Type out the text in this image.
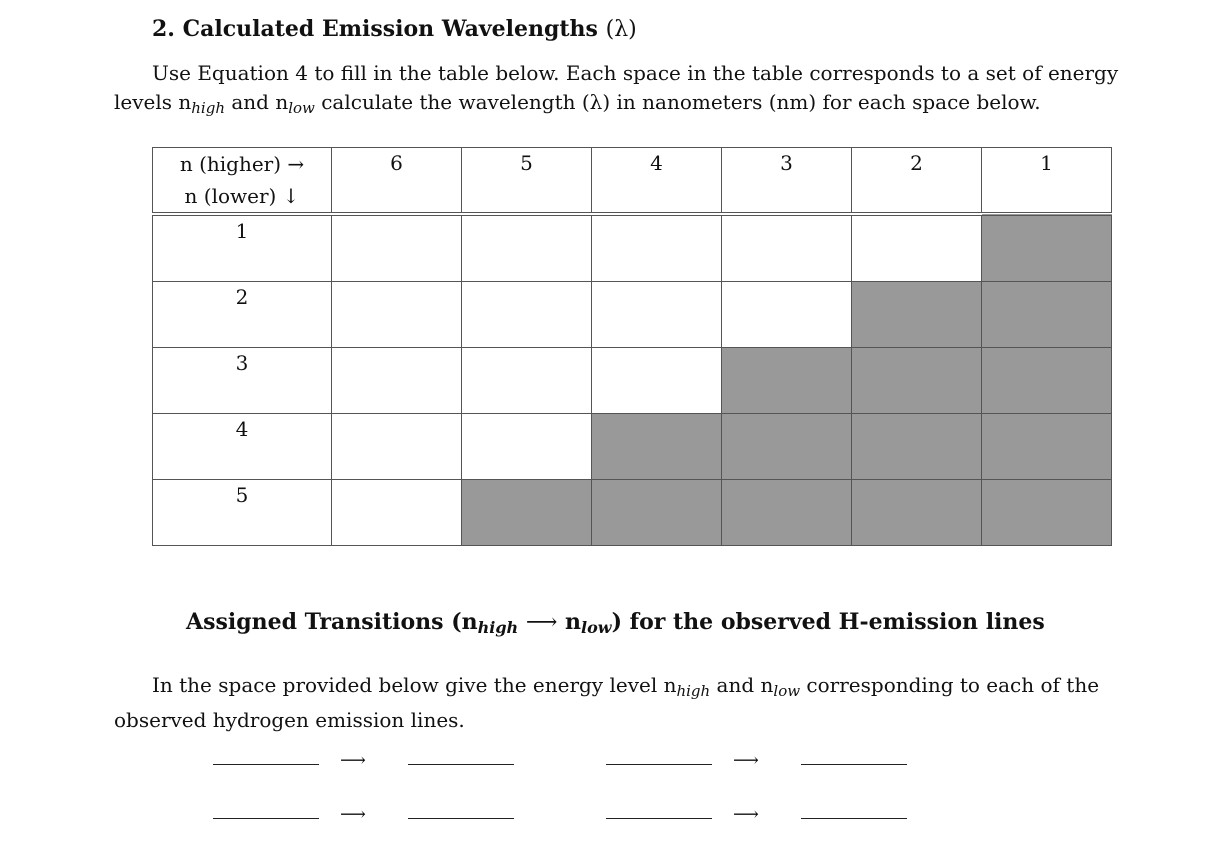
2. Calculated Emission Wavelengths (λ)

Use Equation 4 to fill in the table below. Each space in the table corresponds to a set of energy levels $n_{high}$ and $n_{low}$ calculate the wavelength (λ) in nanometers (nm) for each space below.

n (higher) →
n (lower) ↓	6	5	4	3	2	1
1						
2						
3						
4						
5						
Assigned Transitions ($n_{high}$ ⟶ $n_{low}$) for the observed H-emission lines

In the space provided below give the energy level $n_{high}$ and $n_{low}$ corresponding to each of the observed hydrogen emission lines.

⟶	⟶
⟶	⟶
